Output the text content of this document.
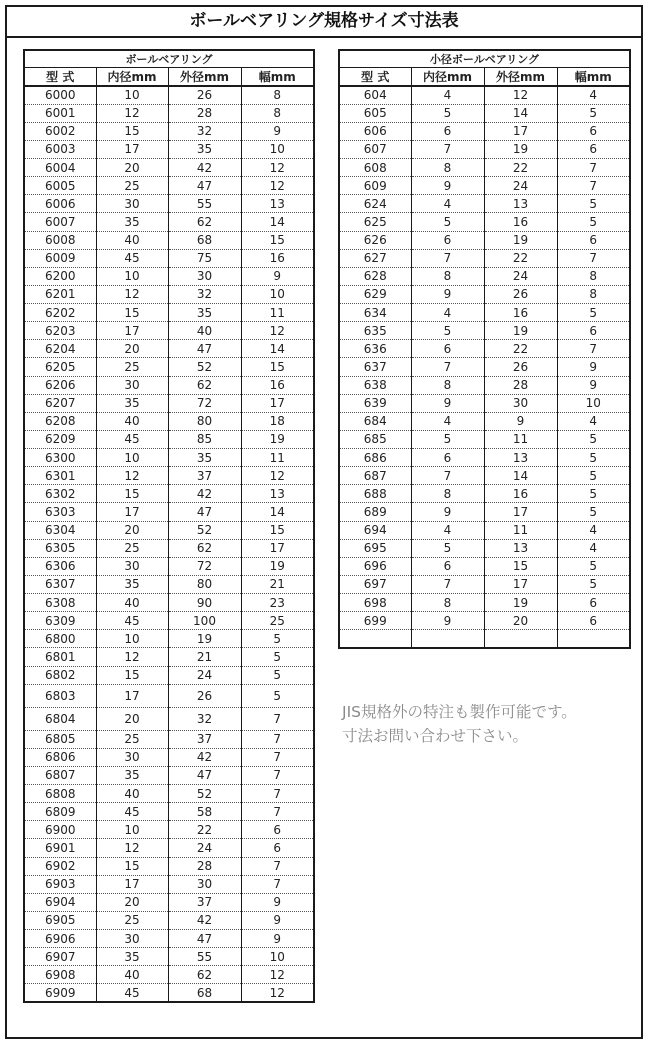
ボールベアリング規格サイズ寸法表
ボールベアリング			
型 式	内径mm	外径mm	幅mm
6000	10	26	8
6001	12	28	8
6002	15	32	9
6003	17	35	10
6004	20	42	12
6005	25	47	12
6006	30	55	13
6007	35	62	14
6008	40	68	15
6009	45	75	16
6200	10	30	9
6201	12	32	10
6202	15	35	11
6203	17	40	12
6204	20	47	14
6205	25	52	15
6206	30	62	16
6207	35	72	17
6208	40	80	18
6209	45	85	19
6300	10	35	11
6301	12	37	12
6302	15	42	13
6303	17	47	14
6304	20	52	15
6305	25	62	17
6306	30	72	19
6307	35	80	21
6308	40	90	23
6309	45	100	25
6800	10	19	5
6801	12	21	5
6802	15	24	5
6803	17	26	5
6804	20	32	7
6805	25	37	7
6806	30	42	7
6807	35	47	7
6808	40	52	7
6809	45	58	7
6900	10	22	6
6901	12	24	6
6902	15	28	7
6903	17	30	7
6904	20	37	9
6905	25	42	9
6906	30	47	9
6907	35	55	10
6908	40	62	12
6909	45	68	12
小径ボールベアリング			
型 式	内径mm	外径mm	幅mm
604	4	12	4
605	5	14	5
606	6	17	6
607	7	19	6
608	8	22	7
609	9	24	7
624	4	13	5
625	5	16	5
626	6	19	6
627	7	22	7
628	8	24	8
629	9	26	8
634	4	16	5
635	5	19	6
636	6	22	7
637	7	26	9
638	8	28	9
639	9	30	10
684	4	9	4
685	5	11	5
686	6	13	5
687	7	14	5
688	8	16	5
689	9	17	5
694	4	11	4
695	5	13	4
696	6	15	5
697	7	17	5
698	8	19	6
699	9	20	6

JIS規格外の特注も製作可能です。
寸法お問い合わせ下さい。
